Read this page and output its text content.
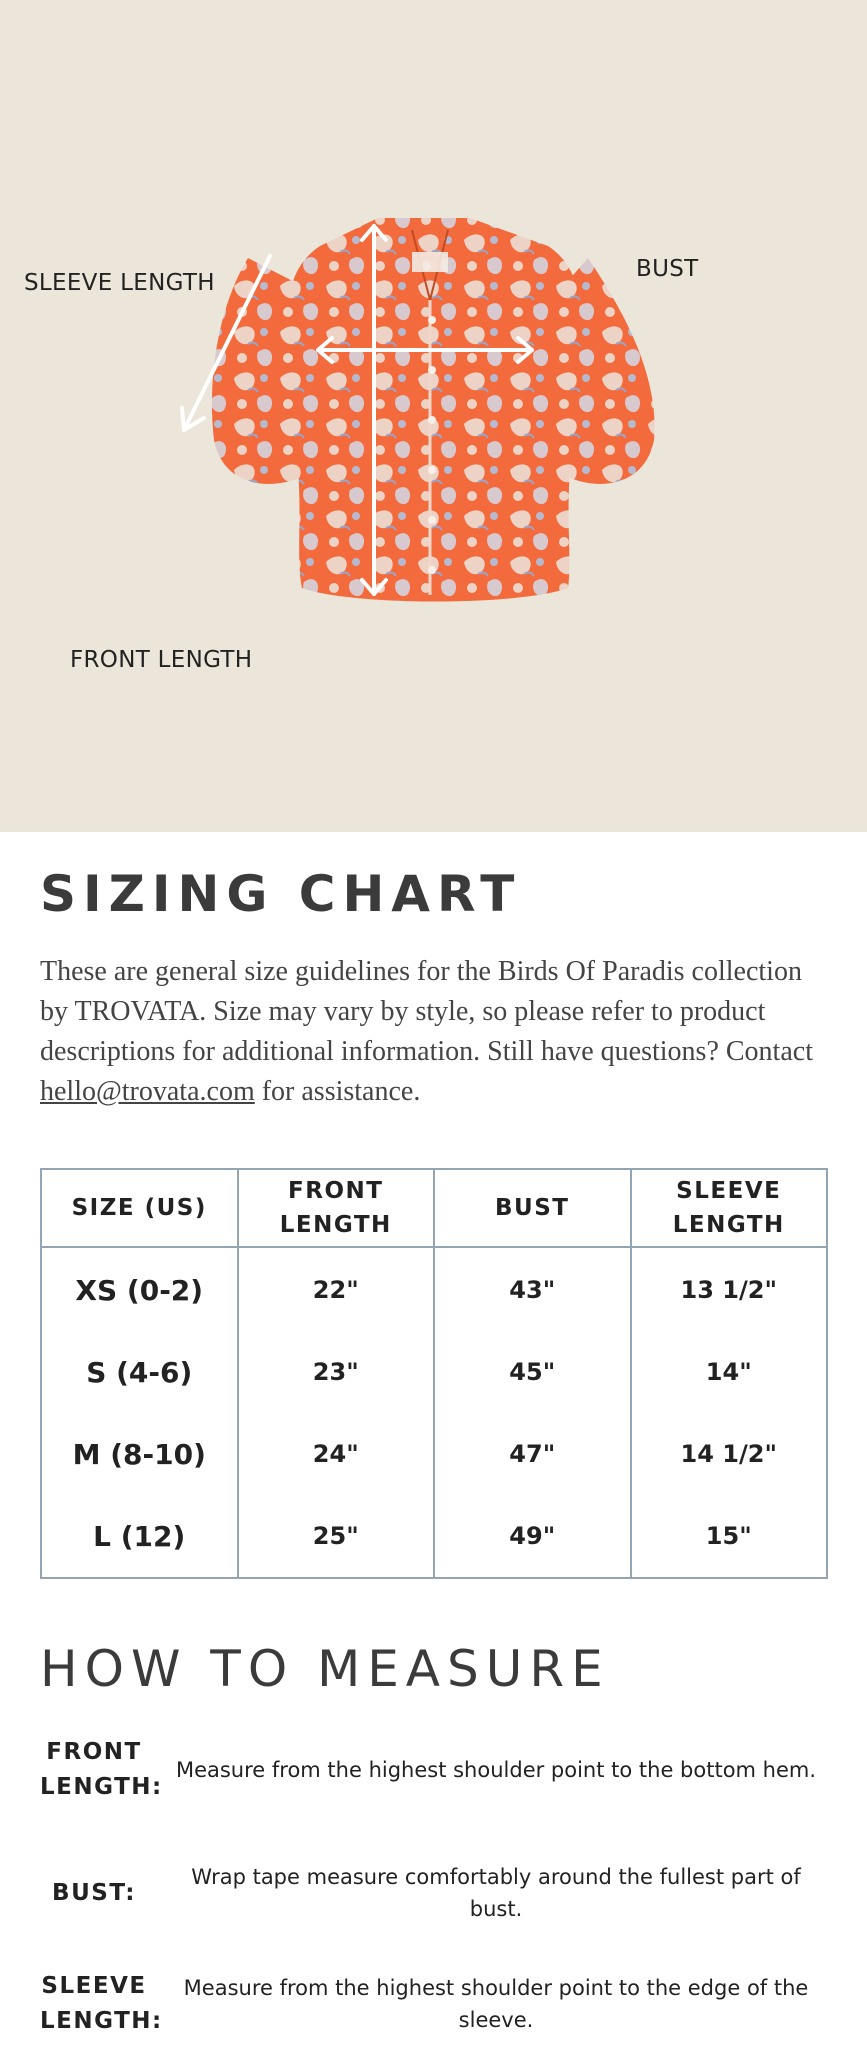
SLEEVE LENGTH
BUST
FRONT LENGTH
SIZING CHART

These are general size guidelines for the Birds Of Paradis collection by TROVATA. Size may vary by style, so please refer to product descriptions for additional information. Still have questions? Contact hello@trovata.com for assistance.

SIZE (US)	FRONT LENGTH	BUST	SLEEVE LENGTH
XS (0-2)	22"	43"	13 1/2"
S (4-6)	23"	45"	14"
M (8-10)	24"	47"	14 1/2"
L (12)	25"	49"	15"
HOW TO MEASURE
FRONT LENGTH:
Measure from the highest shoulder point to the bottom hem.
BUST:
Wrap tape measure comfortably around the fullest part of bust.
SLEEVE LENGTH:
Measure from the highest shoulder point to the edge of the sleeve.
